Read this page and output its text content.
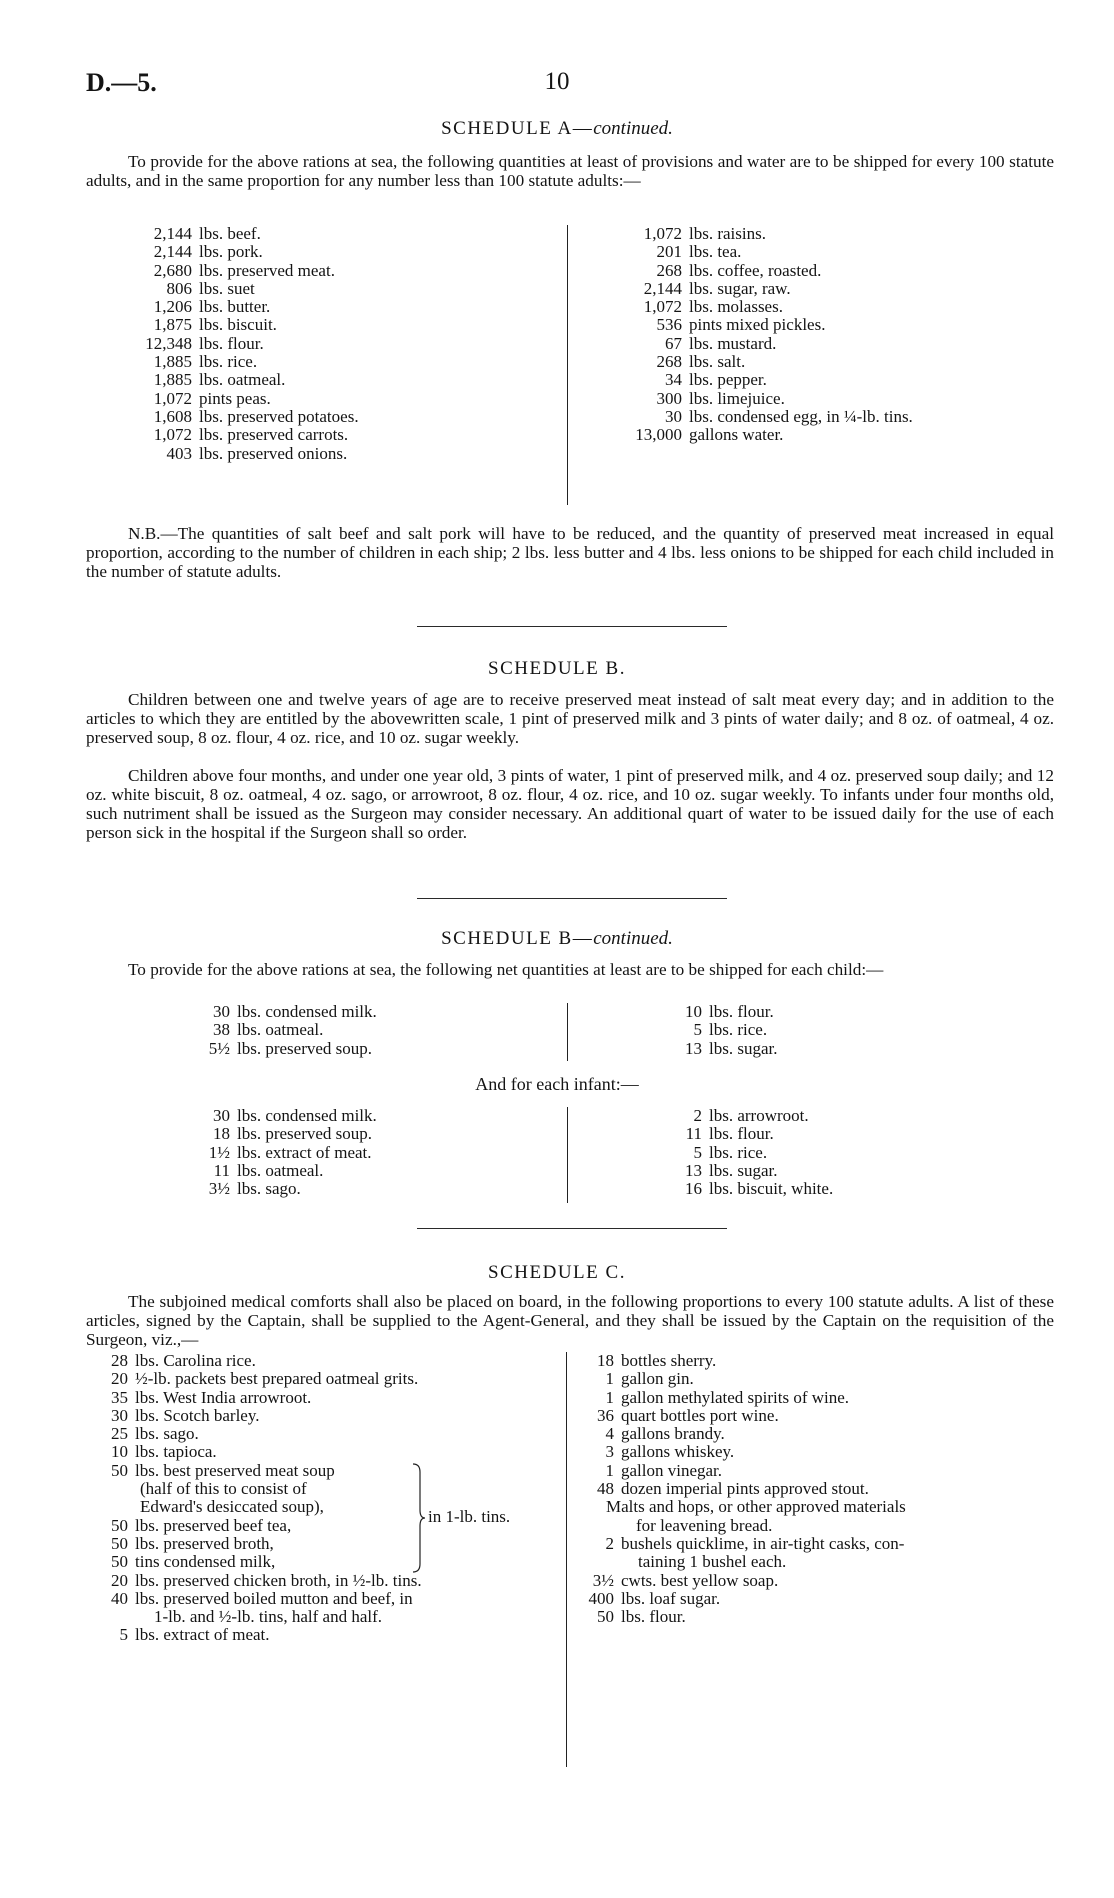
D.—5.	10
SCHEDULE A—continued.

To provide for the above rations at sea, the following quantities at least of provisions and water are to be shipped for every 100 statute adults, and in the same proportion for any number less than 100 statute adults:—

2,144 lbs. beef.
2,144 lbs. pork.
2,680 lbs. preserved meat.
806 lbs. suet
1,206 lbs. butter.
1,875 lbs. biscuit.
12,348 lbs. flour.
1,885 lbs. rice.
1,885 lbs. oatmeal.
1,072 pints peas.
1,608 lbs. preserved potatoes.
1,072 lbs. preserved carrots.
403 lbs. preserved onions.
1,072 lbs. raisins.
201 lbs. tea.
268 lbs. coffee, roasted.
2,144 lbs. sugar, raw.
1,072 lbs. molasses.
536 pints mixed pickles.
67 lbs. mustard.
268 lbs. salt.
34 lbs. pepper.
300 lbs. limejuice.
30 lbs. condensed egg, in ¼-lb. tins.
13,000 gallons water.

N.B.—The quantities of salt beef and salt pork will have to be reduced, and the quantity of preserved meat increased in equal proportion, according to the number of children in each ship; 2 lbs. less butter and 4 lbs. less onions to be shipped for each child included in the number of statute adults.

SCHEDULE B.

Children between one and twelve years of age are to receive preserved meat instead of salt meat every day; and in addition to the articles to which they are entitled by the abovewritten scale, 1 pint of preserved milk and 3 pints of water daily; and 8 oz. of oatmeal, 4 oz. preserved soup, 8 oz. flour, 4 oz. rice, and 10 oz. sugar weekly.

Children above four months, and under one year old, 3 pints of water, 1 pint of preserved milk, and 4 oz. preserved soup daily; and 12 oz. white biscuit, 8 oz. oatmeal, 4 oz. sago, or arrowroot, 8 oz. flour, 4 oz. rice, and 10 oz. sugar weekly. To infants under four months old, such nutriment shall be issued as the Surgeon may consider necessary. An additional quart of water to be issued daily for the use of each person sick in the hospital if the Surgeon shall so order.

SCHEDULE B—continued.

To provide for the above rations at sea, the following net quantities at least are to be shipped for each child:—

30 lbs. condensed milk.
38 lbs. oatmeal.
5½ lbs. preserved soup.
10 lbs. flour.
5 lbs. rice.
13 lbs. sugar.
And for each infant:—
30 lbs. condensed milk.
18 lbs. preserved soup.
1½ lbs. extract of meat.
11 lbs. oatmeal.
3½ lbs. sago.
2 lbs. arrowroot.
11 lbs. flour.
5 lbs. rice.
13 lbs. sugar.
16 lbs. biscuit, white.
SCHEDULE C.

The subjoined medical comforts shall also be placed on board, in the following proportions to every 100 statute adults. A list of these articles, signed by the Captain, shall be supplied to the Agent-General, and they shall be issued by the Captain on the requisition of the Surgeon, viz.,—

28 lbs. Carolina rice.
20 ½-lb. packets best prepared oatmeal grits.
35 lbs. West India arrowroot.
30 lbs. Scotch barley.
25 lbs. sago.
10 lbs. tapioca.
50 lbs. best preserved meat soup
(half of this to consist of
Edward's desiccated soup),
50 lbs. preserved beef tea,
50 lbs. preserved broth,
50 tins condensed milk,
20 lbs. preserved chicken broth, in ½-lb. tins.
40 lbs. preserved boiled mutton and beef, in
1-lb. and ½-lb. tins, half and half.
5 lbs. extract of meat.
in 1-lb. tins.
18 bottles sherry.
1 gallon gin.
1 gallon methylated spirits of wine.
36 quart bottles port wine.
4 gallons brandy.
3 gallons whiskey.
1 gallon vinegar.
48 dozen imperial pints approved stout.
Malts and hops, or other approved materials
for leavening bread.
2 bushels quicklime, in air-tight casks, con-
taining 1 bushel each.
3½ cwts. best yellow soap.
400 lbs. loaf sugar.
50 lbs. flour.
